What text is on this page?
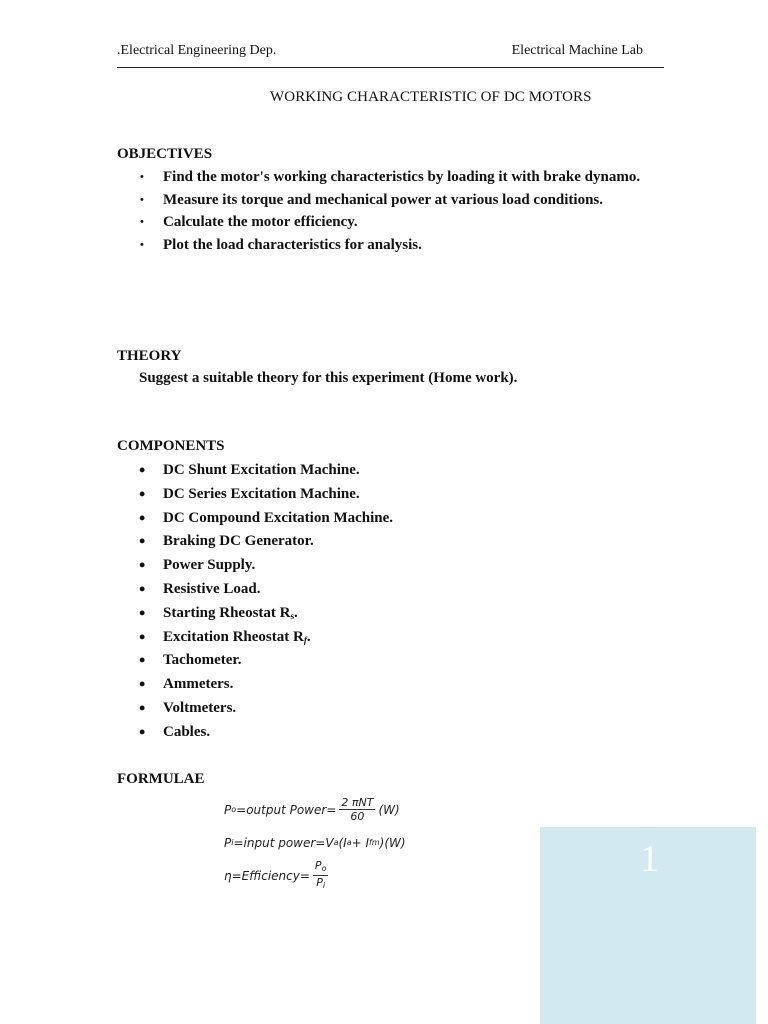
.Electrical Engineering Dep.	Electrical Machine Lab
WORKING CHARACTERISTIC OF DC MOTORS
OBJECTIVES
• Find the motor's working characteristics by loading it with brake dynamo.
• Measure its torque and mechanical power at various load conditions.
• Calculate the motor efficiency.
• Plot the load characteristics for analysis.
THEORY
Suggest a suitable theory for this experiment (Home work).
COMPONENTS
• DC Shunt Excitation Machine.
• DC Series Excitation Machine.
• DC Compound Excitation Machine.
• Braking DC Generator.
• Power Supply.
• Resistive Load.
• Starting Rheostat $R_s$.
• Excitation Rheostat $R_f$.
• Tachometer.
• Ammeters.
• Voltmeters.
• Cables.
FORMULAE
P o =output Power= $\frac{\text{2 πNT}}{60} (W)$
P i =input power=V a (I a + I fm )(W)
η=Efficiency= $\frac{Po}{Pi}$	1
